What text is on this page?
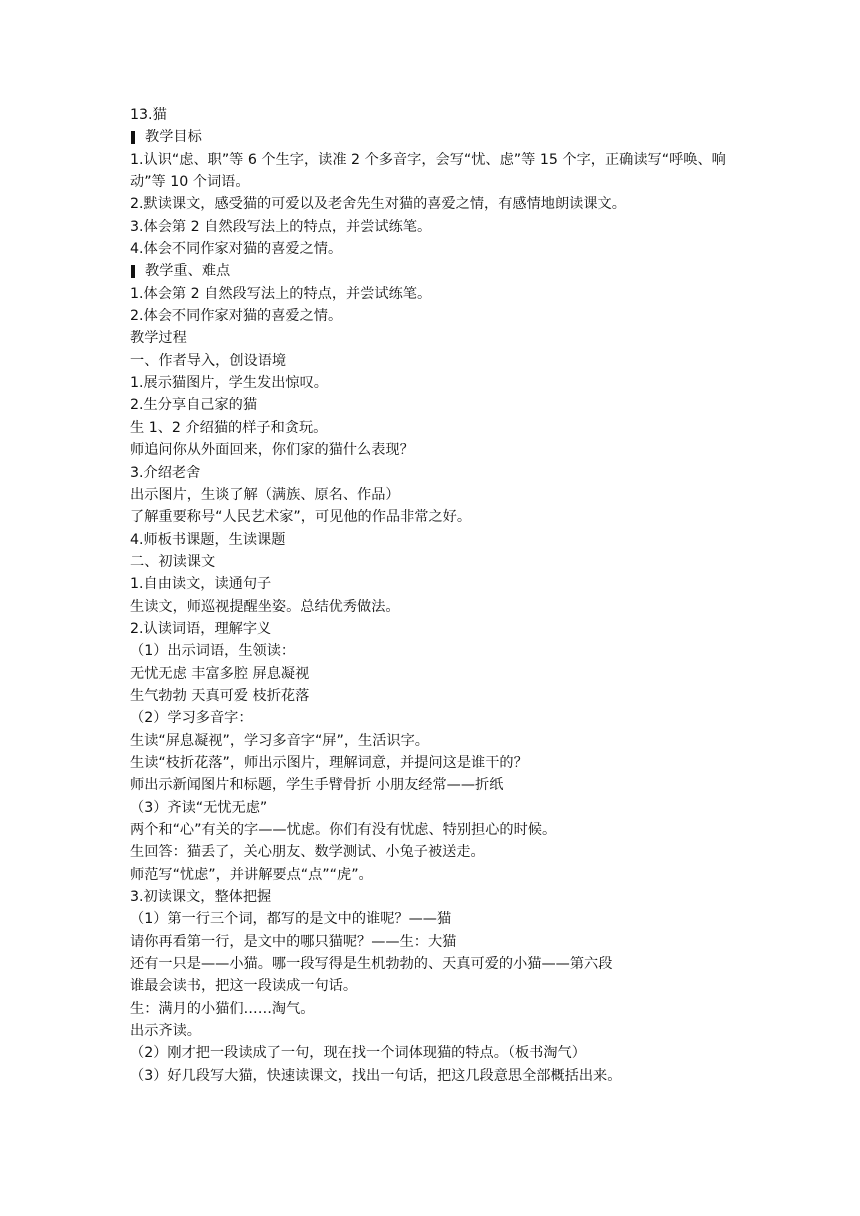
13.猫
教学目标
1.认识“虑、职”等 6 个生字，读准 2 个多音字，会写“忧、虑”等 15 个字，正确读写“呼唤、响动”等 10 个词语。
2.默读课文，感受猫的可爱以及老舍先生对猫的喜爱之情，有感情地朗读课文。
3.体会第 2 自然段写法上的特点，并尝试练笔。
4.体会不同作家对猫的喜爱之情。
教学重、难点
1.体会第 2 自然段写法上的特点，并尝试练笔。
2.体会不同作家对猫的喜爱之情。
教学过程
一、作者导入，创设语境
1.展示猫图片，学生发出惊叹。
2.生分享自己家的猫
生 1、2 介绍猫的样子和贪玩。
师追问你从外面回来，你们家的猫什么表现？
3.介绍老舍
出示图片，生谈了解（满族、原名、作品）
了解重要称号“人民艺术家”，可见他的作品非常之好。
4.师板书课题，生读课题
二、初读课文
1.自由读文，读通句子
生读文，师巡视提醒坐姿。总结优秀做法。
2.认读词语，理解字义
（1）出示词语，生领读：
无忧无虑 丰富多腔 屏息凝视
生气勃勃 天真可爱 枝折花落
（2）学习多音字：
生读“屏息凝视”，学习多音字“屏”，生活识字。
生读“枝折花落”，师出示图片，理解词意，并提问这是谁干的？
师出示新闻图片和标题，学生手臂骨折 小朋友经常——折纸
（3）齐读“无忧无虑”
两个和“心”有关的字——忧虑。你们有没有忧虑、特别担心的时候。
生回答：猫丢了，关心朋友、数学测试、小兔子被送走。
师范写“忧虑”，并讲解要点“点”“虎”。
3.初读课文，整体把握
（1）第一行三个词，都写的是文中的谁呢？——猫
请你再看第一行，是文中的哪只猫呢？——生：大猫
还有一只是——小猫。哪一段写得是生机勃勃的、天真可爱的小猫——第六段
谁最会读书，把这一段读成一句话。
生：满月的小猫们……淘气。
出示齐读。
（2）刚才把一段读成了一句，现在找一个词体现猫的特点。（板书淘气）
（3）好几段写大猫，快速读课文，找出一句话，把这几段意思全部概括出来。
